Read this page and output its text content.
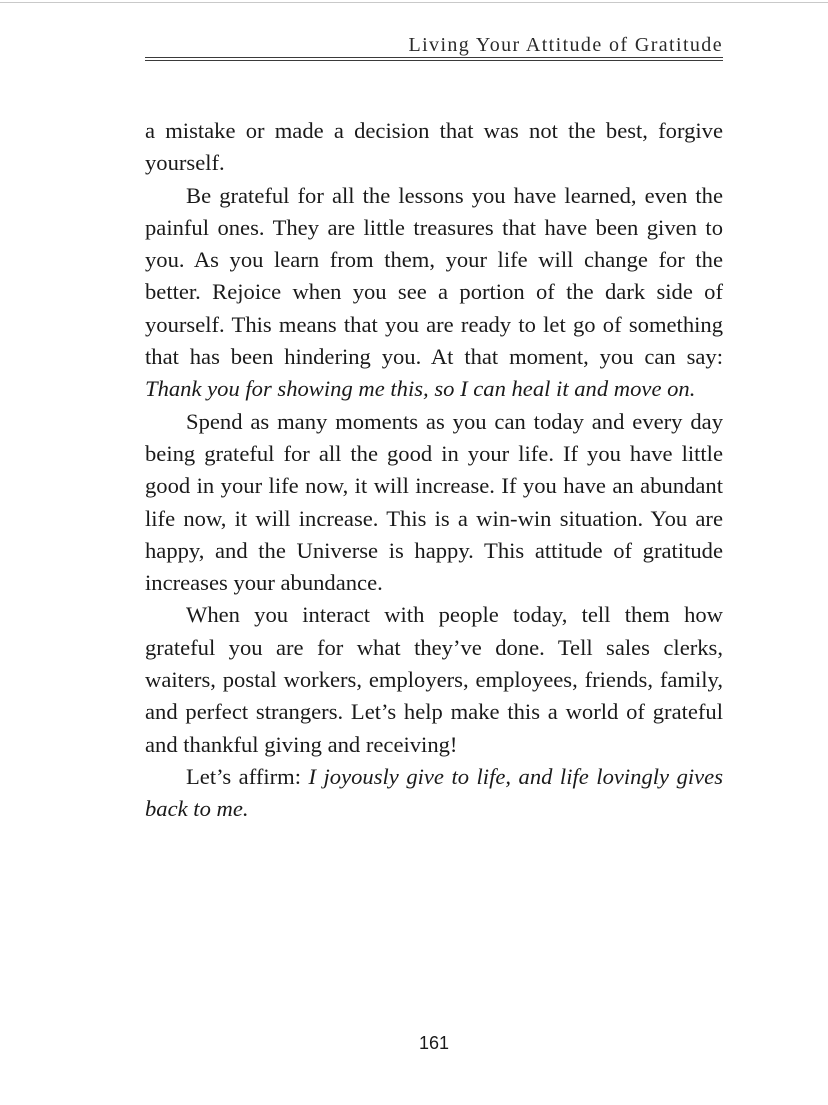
Living Your Attitude of Gratitude

a mistake or made a decision that was not the best, forgive yourself.

Be grateful for all the lessons you have learned, even the painful ones. They are little treasures that have been given to you. As you learn from them, your life will change for the better. Rejoice when you see a portion of the dark side of yourself. This means that you are ready to let go of something that has been hindering you. At that moment, you can say: Thank you for showing me this, so I can heal it and move on.

Spend as many moments as you can today and every day being grateful for all the good in your life. If you have little good in your life now, it will increase. If you have an abundant life now, it will increase. This is a win-win situation. You are happy, and the Universe is happy. This attitude of gratitude increases your abundance.

When you interact with people today, tell them how grateful you are for what they’ve done. Tell sales clerks, waiters, postal workers, employers, employees, friends, family, and perfect strangers. Let’s help make this a world of grateful and thankful giving and receiving!

Let’s affirm: I joyously give to life, and life lovingly gives back to me.

161
